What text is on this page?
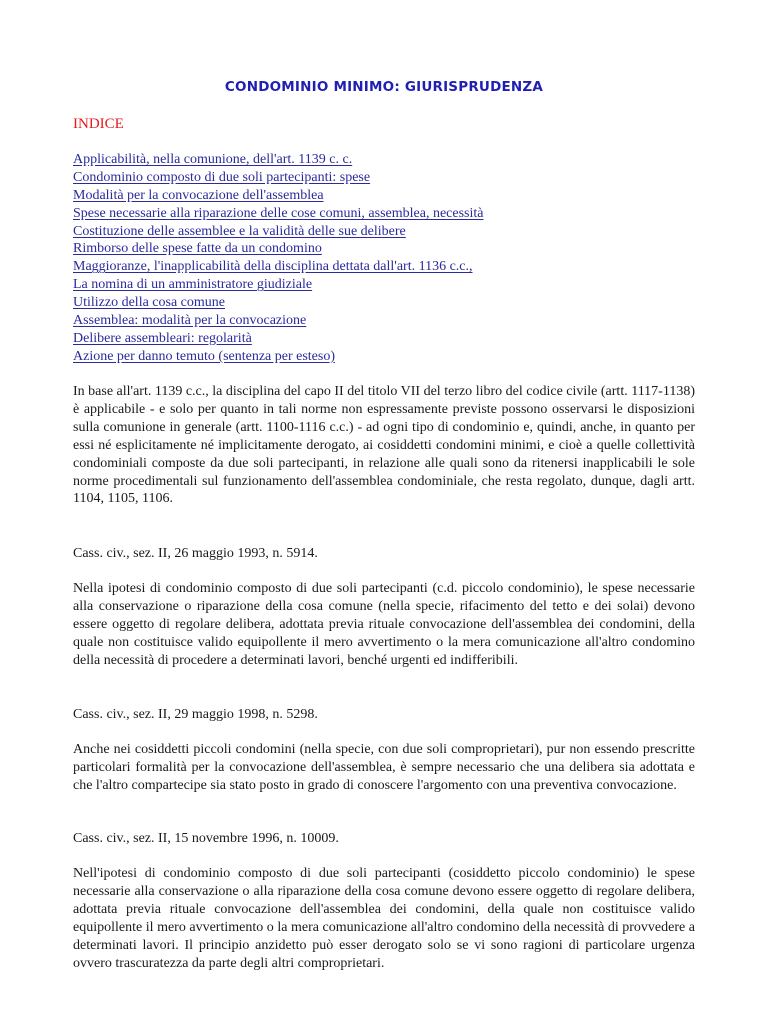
CONDOMINIO MINIMO: GIURISPRUDENZA
INDICE
Applicabilità, nella comunione, dell'art. 1139 c. c.
Condominio composto di due soli partecipanti: spese
Modalità per la convocazione dell'assemblea
Spese necessarie alla riparazione delle cose comuni, assemblea, necessità
Costituzione delle assemblee e la validità delle sue delibere
Rimborso delle spese fatte da un condomino
Maggioranze, l'inapplicabilità della disciplina dettata dall'art. 1136 c.c.,
La nomina di un amministratore giudiziale
Utilizzo della cosa comune
Assemblea: modalità per la convocazione
Delibere assembleari: regolarità
Azione per danno temuto (sentenza per esteso)

In base all'art. 1139 c.c., la disciplina del capo II del titolo VII del terzo libro del codice civile (artt. 1117-1138) è applicabile - e solo per quanto in tali norme non espressamente previste possono osservarsi le disposizioni sulla comunione in generale (artt. 1100-1116 c.c.) - ad ogni tipo di condominio e, quindi, anche, in quanto per essi né esplicitamente né implicitamente derogato, ai cosiddetti condomini minimi, e cioè a quelle collettività condominiali composte da due soli partecipanti, in relazione alle quali sono da ritenersi inapplicabili le sole norme procedimentali sul funzionamento dell'assemblea condominiale, che resta regolato, dunque, dagli artt. 1104, 1105, 1106.

Cass. civ., sez. II, 26 maggio 1993, n. 5914.

Nella ipotesi di condominio composto di due soli partecipanti (c.d. piccolo condominio), le spese necessarie alla conservazione o riparazione della cosa comune (nella specie, rifacimento del tetto e dei solai) devono essere oggetto di regolare delibera, adottata previa rituale convocazione dell'assemblea dei condomini, della quale non costituisce valido equipollente il mero avvertimento o la mera comunicazione all'altro condomino della necessità di procedere a determinati lavori, benché urgenti ed indifferibili.

Cass. civ., sez. II, 29 maggio 1998, n. 5298.

Anche nei cosiddetti piccoli condomini (nella specie, con due soli comproprietari), pur non essendo prescritte particolari formalità per la convocazione dell'assemblea, è sempre necessario che una delibera sia adottata e che l'altro compartecipe sia stato posto in grado di conoscere l'argomento con una preventiva convocazione.

Cass. civ., sez. II, 15 novembre 1996, n. 10009.

Nell'ipotesi di condominio composto di due soli partecipanti (cosiddetto piccolo condominio) le spese necessarie alla conservazione o alla riparazione della cosa comune devono essere oggetto di regolare delibera, adottata previa rituale convocazione dell'assemblea dei condomini, della quale non costituisce valido equipollente il mero avvertimento o la mera comunicazione all'altro condomino della necessità di provvedere a determinati lavori. Il principio anzidetto può esser derogato solo se vi sono ragioni di particolare urgenza ovvero trascuratezza da parte degli altri comproprietari.
